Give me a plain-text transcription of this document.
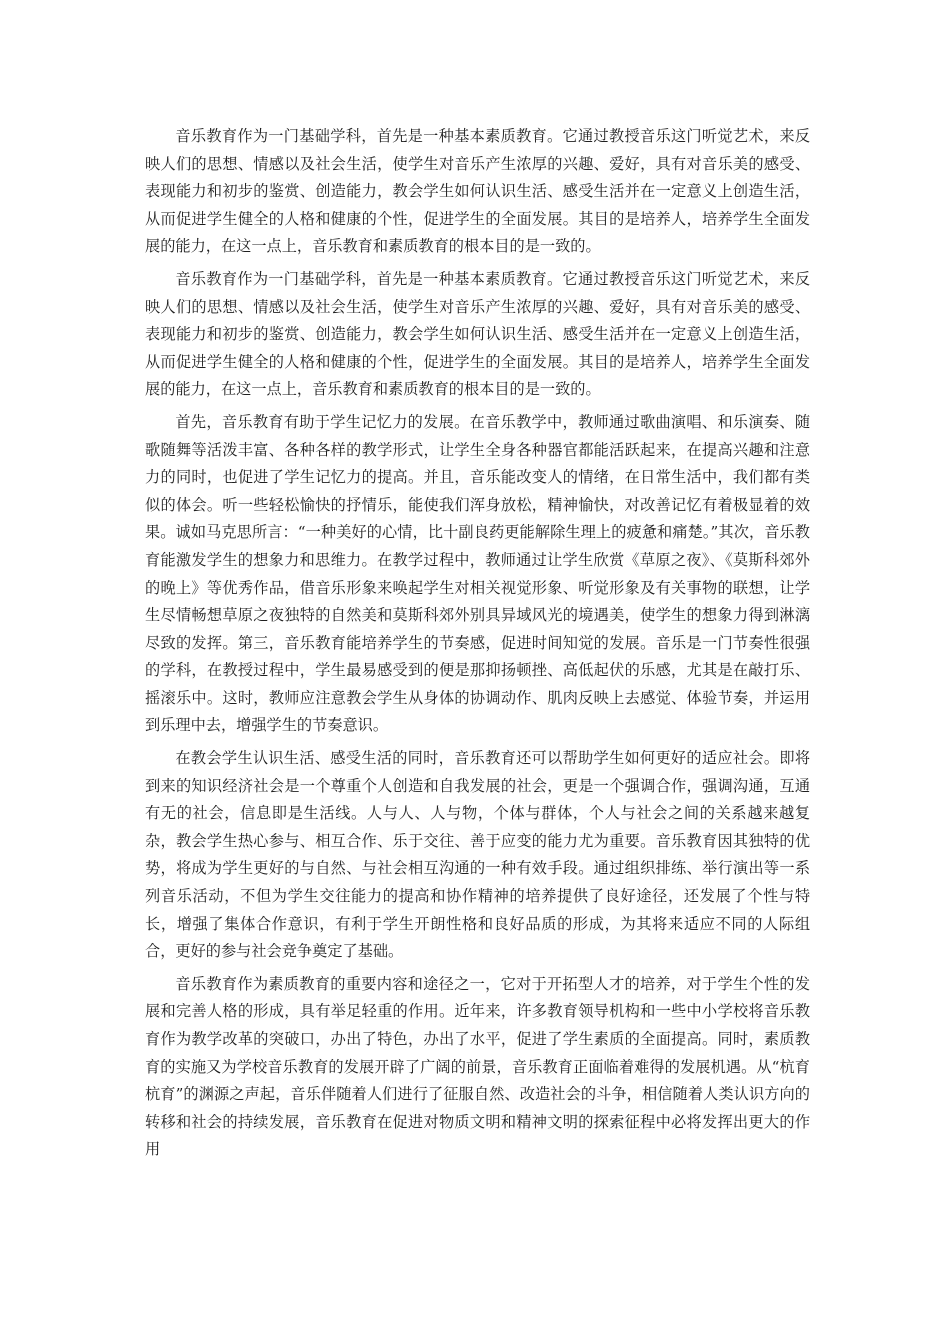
音乐教育作为一门基础学科，首先是一种基本素质教育。它通过教授音乐这门听觉艺术，来反映人们的思想、情感以及社会生活，使学生对音乐产生浓厚的兴趣、爱好，具有对音乐美的感受、表现能力和初步的鉴赏、创造能力，教会学生如何认识生活、感受生活并在一定意义上创造生活，从而促进学生健全的人格和健康的个性，促进学生的全面发展。其目的是培养人，培养学生全面发展的能力，在这一点上，音乐教育和素质教育的根本目的是一致的。

音乐教育作为一门基础学科，首先是一种基本素质教育。它通过教授音乐这门听觉艺术，来反映人们的思想、情感以及社会生活，使学生对音乐产生浓厚的兴趣、爱好，具有对音乐美的感受、表现能力和初步的鉴赏、创造能力，教会学生如何认识生活、感受生活并在一定意义上创造生活，从而促进学生健全的人格和健康的个性，促进学生的全面发展。其目的是培养人，培养学生全面发展的能力，在这一点上，音乐教育和素质教育的根本目的是一致的。

首先，音乐教育有助于学生记忆力的发展。在音乐教学中，教师通过歌曲演唱、和乐演奏、随歌随舞等活泼丰富、各种各样的教学形式，让学生全身各种器官都能活跃起来，在提高兴趣和注意力的同时，也促进了学生记忆力的提高。并且，音乐能改变人的情绪，在日常生活中，我们都有类似的体会。听一些轻松愉快的抒情乐，能使我们浑身放松，精神愉快，对改善记忆有着极显着的效果。诚如马克思所言：“一种美好的心情，比十副良药更能解除生理上的疲惫和痛楚。”其次，音乐教育能激发学生的想象力和思维力。在教学过程中，教师通过让学生欣赏《草原之夜》、《莫斯科郊外的晚上》等优秀作品，借音乐形象来唤起学生对相关视觉形象、听觉形象及有关事物的联想，让学生尽情畅想草原之夜独特的自然美和莫斯科郊外别具异域风光的境遇美，使学生的想象力得到淋漓尽致的发挥。第三，音乐教育能培养学生的节奏感，促进时间知觉的发展。音乐是一门节奏性很强的学科，在教授过程中，学生最易感受到的便是那抑扬顿挫、高低起伏的乐感，尤其是在敲打乐、摇滚乐中。这时，教师应注意教会学生从身体的协调动作、肌肉反映上去感觉、体验节奏，并运用到乐理中去，增强学生的节奏意识。

在教会学生认识生活、感受生活的同时，音乐教育还可以帮助学生如何更好的适应社会。即将到来的知识经济社会是一个尊重个人创造和自我发展的社会，更是一个强调合作，强调沟通，互通有无的社会，信息即是生活线。人与人、人与物，个体与群体，个人与社会之间的关系越来越复杂，教会学生热心参与、相互合作、乐于交往、善于应变的能力尤为重要。音乐教育因其独特的优势，将成为学生更好的与自然、与社会相互沟通的一种有效手段。通过组织排练、举行演出等一系列音乐活动，不但为学生交往能力的提高和协作精神的培养提供了良好途径，还发展了个性与特长，增强了集体合作意识，有利于学生开朗性格和良好品质的形成，为其将来适应不同的人际组合，更好的参与社会竞争奠定了基础。

音乐教育作为素质教育的重要内容和途径之一，它对于开拓型人才的培养，对于学生个性的发展和完善人格的形成，具有举足轻重的作用。近年来，许多教育领导机构和一些中小学校将音乐教育作为教学改革的突破口，办出了特色，办出了水平，促进了学生素质的全面提高。同时，素质教育的实施又为学校音乐教育的发展开辟了广阔的前景，音乐教育正面临着难得的发展机遇。从“杭育杭育”的渊源之声起，音乐伴随着人们进行了征服自然、改造社会的斗争，相信随着人类认识方向的转移和社会的持续发展，音乐教育在促进对物质文明和精神文明的探索征程中必将发挥出更大的作用
